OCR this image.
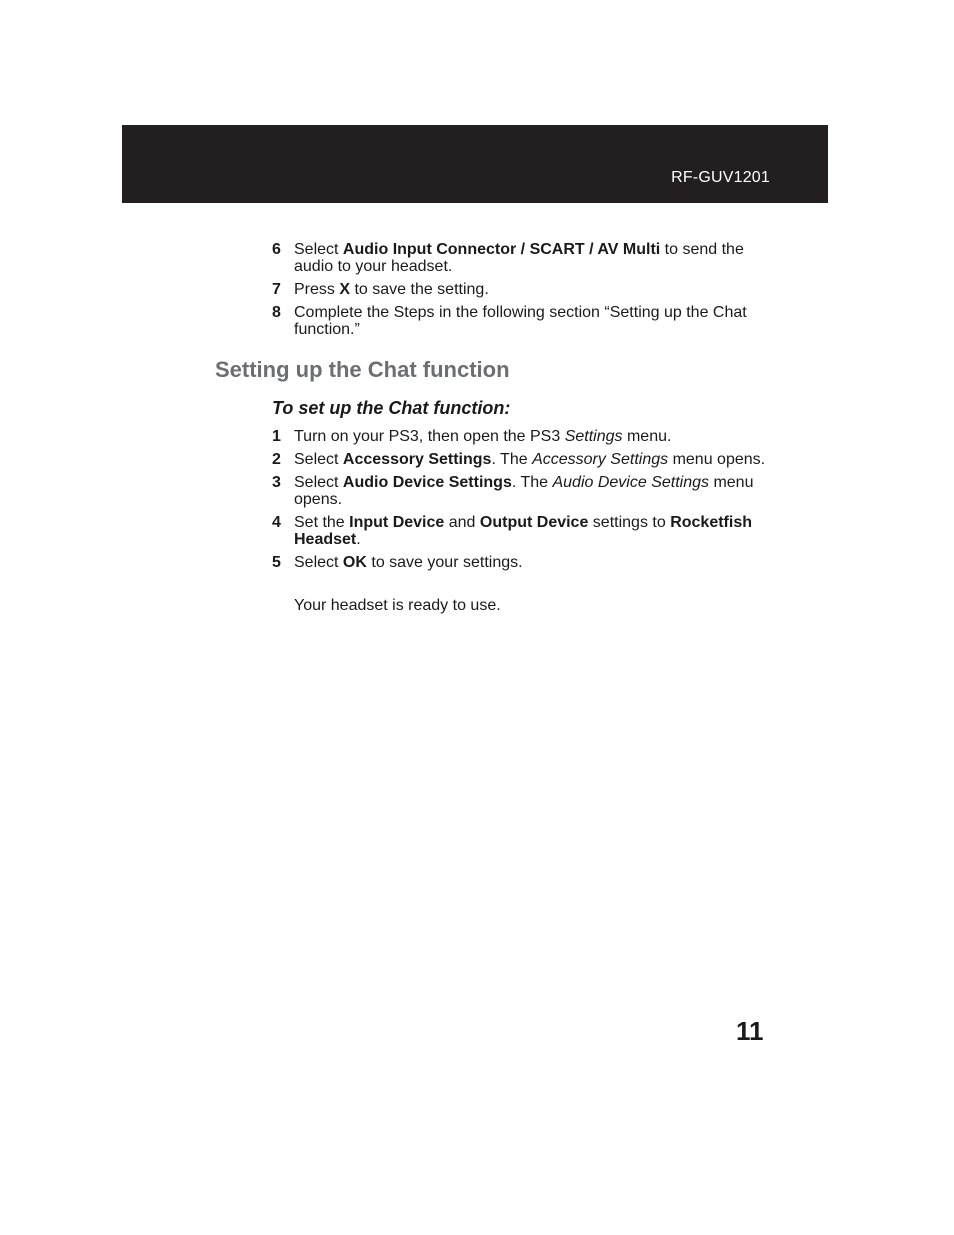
RF-GUV1201
6 Select Audio Input Connector / SCART / AV Multi to send the audio to your headset.
7 Press X to save the setting.
8 Complete the Steps in the following section “Setting up the Chat function.”
Setting up the Chat function
To set up the Chat function:
1 Turn on your PS3, then open the PS3 Settings menu.
2 Select Accessory Settings. The Accessory Settings menu opens.
3 Select Audio Device Settings. The Audio Device Settings menu opens.
4 Set the Input Device and Output Device settings to Rocketfish Headset.
5 Select OK to save your settings.

Your headset is ready to use.

11
